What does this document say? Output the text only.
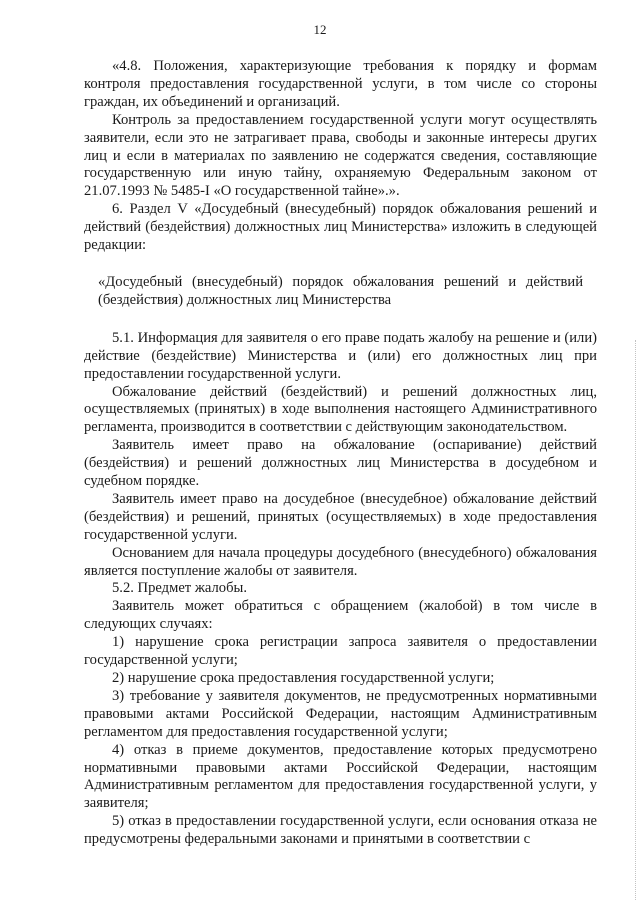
12

«4.8. Положения, характеризующие требования к порядку и формам контроля предоставления государственной услуги, в том числе со стороны граждан, их объединений и организаций.

Контроль за предоставлением государственной услуги могут осуществлять заявители, если это не затрагивает права, свободы и законные интересы других лиц и если в материалах по заявлению не содержатся сведения, составляющие государственную или иную тайну, охраняемую Федеральным законом от 21.07.1993 № 5485-I «О государственной тайне».».

6. Раздел V «Досудебный (внесудебный) порядок обжалования решений и действий (бездействия) должностных лиц Министерства» изложить в следующей редакции:

«Досудебный (внесудебный) порядок обжалования решений и действий (бездействия) должностных лиц Министерства

5.1. Информация для заявителя о его праве подать жалобу на решение и (или) действие (бездействие) Министерства и (или) его должностных лиц при предоставлении государственной услуги.

Обжалование действий (бездействий) и решений должностных лиц, осуществляемых (принятых) в ходе выполнения настоящего Административного регламента, производится в соответствии с действующим законодательством.

Заявитель имеет право на обжалование (оспаривание) действий (бездействия) и решений должностных лиц Министерства в досудебном и судебном порядке.

Заявитель имеет право на досудебное (внесудебное) обжалование действий (бездействия) и решений, принятых (осуществляемых) в ходе предоставления государственной услуги.

Основанием для начала процедуры досудебного (внесудебного) обжалования является поступление жалобы от заявителя.

5.2. Предмет жалобы.

Заявитель может обратиться с обращением (жалобой) в том числе в следующих случаях:

1) нарушение срока регистрации запроса заявителя о предоставлении государственной услуги;

2) нарушение срока предоставления государственной услуги;

3) требование у заявителя документов, не предусмотренных нормативными правовыми актами Российской Федерации, настоящим Административным регламентом для предоставления государственной услуги;

4) отказ в приеме документов, предоставление которых предусмотрено нормативными правовыми актами Российской Федерации, настоящим Административным регламентом для предоставления государственной услуги, у заявителя;

5) отказ в предоставлении государственной услуги, если основания отказа не предусмотрены федеральными законами и принятыми в соответствии с
